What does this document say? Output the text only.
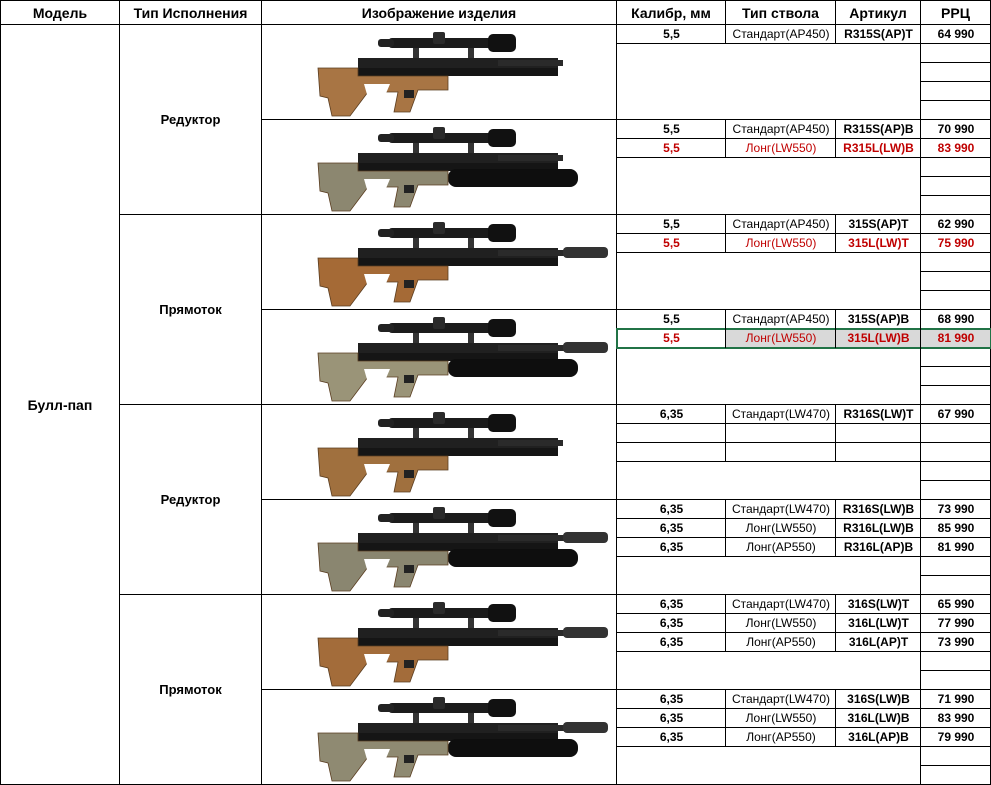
Модель	Тип Исполнения	Изображение изделия	Калибр, мм	Тип ствола	Артикул	РРЦ
Булл-пап
Редуктор
Прямоток
Редуктор
Прямоток
5,5	Стандарт(AP450)	R315S(AP)T	64 990
5,5	Стандарт(AP450)	R315S(AP)B	70 990
5,5	Лонг(LW550)	R315L(LW)B	83 990
5,5	Стандарт(AP450)	315S(AP)T	62 990
5,5	Лонг(LW550)	315L(LW)T	75 990
5,5	Стандарт(AP450)	315S(AP)B	68 990
5,5	Лонг(LW550)	315L(LW)B	81 990
6,35	Стандарт(LW470)	R316S(LW)T	67 990
6,35	Стандарт(LW470)	R316S(LW)B	73 990
6,35	Лонг(LW550)	R316L(LW)B	85 990
6,35	Лонг(AP550)	R316L(AP)B	81 990
6,35	Стандарт(LW470)	316S(LW)T	65 990
6,35	Лонг(LW550)	316L(LW)T	77 990
6,35	Лонг(AP550)	316L(AP)T	73 990
6,35	Стандарт(LW470)	316S(LW)B	71 990
6,35	Лонг(LW550)	316L(LW)B	83 990
6,35	Лонг(AP550)	316L(AP)B	79 990
